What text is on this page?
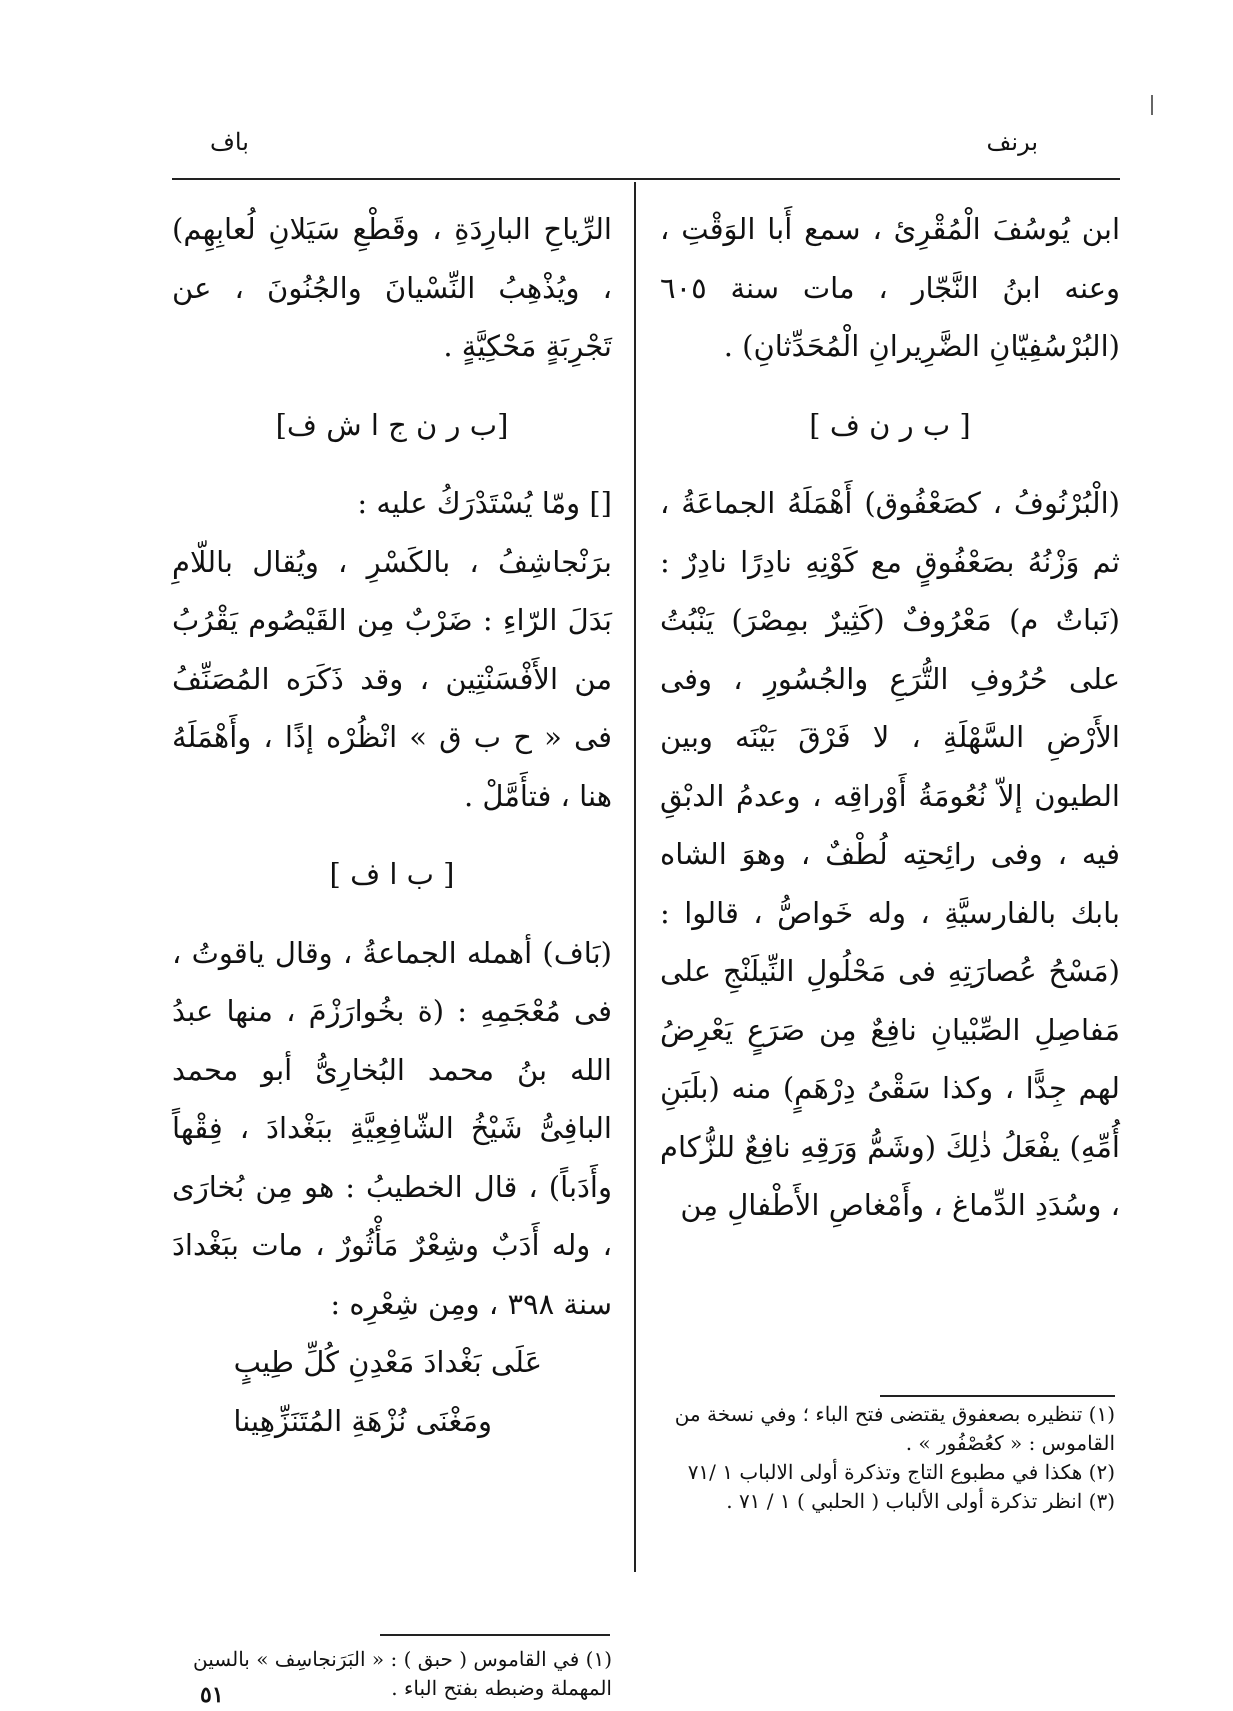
برنف
باف

ابن يُوسُفَ الْمُقْرِئ ، سمع أَبا الوَقْتِ ، وعنه ابنُ النَّجّار ، مات سنة ٦٠٥ (البُرْسُفِيّانِ الضَّرِيرانِ الْمُحَدِّثانِ) .

[ ب ر ن ف ]

(الْبُرْنُوفُ ، كصَعْفُوق) أَهْمَلَهُ الجماعَةُ ، ثم وَزْنُهُ بصَعْفُوقٍ مع كَوْنِهِ نادِرًا نادِرٌ : (نَباتٌ م) مَعْرُوفٌ (كَثِيرٌ بمِصْرَ) يَنْبُتُ على حُرُوفِ التُّرَعِ والجُسُورِ ، وفى الأَرْضِ السَّهْلَةِ ، لا فَرْقَ بَيْنَه وبين الطيون إلاّ نُعُومَةُ أَوْراقِه ، وعدمُ الدبْقِ فيه ، وفى رائِحتِه لُطْفٌ ، وهوَ الشاه بابك بالفارسيَّةِ ، وله خَواصُّ ، قالوا : (مَسْحُ عُصارَتِهِ فى مَحْلُولِ النِّيلَنْجِ على مَفاصِلِ الصِّبْيانِ نافِعٌ مِن صَرَعٍ يَعْرِضُ لهم جِدًّا ، وكذا سَقْىُ دِرْهَمٍ) منه (بلَبَنِ أُمِّهِ) يفْعَلُ ذٰلِكَ (وشَمُّ وَرَقِهِ نافِعٌ للزُّكام ، وسُدَدِ الدِّماغ ، وأَمْغاصِ الأَطْفالِ مِن

الرِّياحِ البارِدَةِ ، وقَطْعِ سَيَلانِ لُعابِهِم) ، ويُذْهِبُ النِّسْيانَ والجُنُونَ ، عن تَجْرِبَةٍ مَحْكِيَّةٍ .

[ب ر ن ج ا ش ف]

[] ومّا يُسْتَدْرَكُ عليه :

برَنْجاشِفُ ، بالكَسْرِ ، ويُقال باللّامِ بَدَلَ الرّاءِ : ضَرْبٌ مِن القَيْصُوم يَقْرُبُ من الأَفْسَنْتِين ، وقد ذَكَرَه المُصَنِّفُ فى « ح ب ق » انْظُرْه إذًا ، وأَهْمَلَهُ هنا ، فتأَمَّلْ .

[ ب ا ف ]

(بَاف) أهمله الجماعةُ ، وقال ياقوتُ ، فى مُعْجَمِهِ : (ة بخُوارَزْمَ ، منها عبدُ الله بنُ محمد البُخارِىُّ أبو محمد البافِىُّ شَيْخُ الشّافِعِيَّةِ ببَغْدادَ ، فِقْهاً وأَدَباً) ، قال الخطيبُ : هو مِن بُخارَى ، وله أَدَبٌ وشِعْرٌ مَأْثُورٌ ، مات ببَغْدادَ سنة ٣٩٨ ، ومِن شِعْرِه :

عَلَى بَغْدادَ مَعْدِنِ كُلِّ طِيبٍ

ومَغْنَى نُزْهَةِ المُتَنَزِّهِينا	(١) تنظيره بصعفوق يقتضى فتح الباء ؛ وفي نسخة من القاموس : « كعُصْفُور » .

(٢) هكذا في مطبوع التاج وتذكرة أولى الالباب ١ /٧١

(٣) انظر تذكرة أولى الألباب ( الحلبي ) ١ / ٧١ .

(١) في القاموس ( حبق ) : « البَرَنجاسِف » بالسين المهملة وضبطه بفتح الباء .

٥١
